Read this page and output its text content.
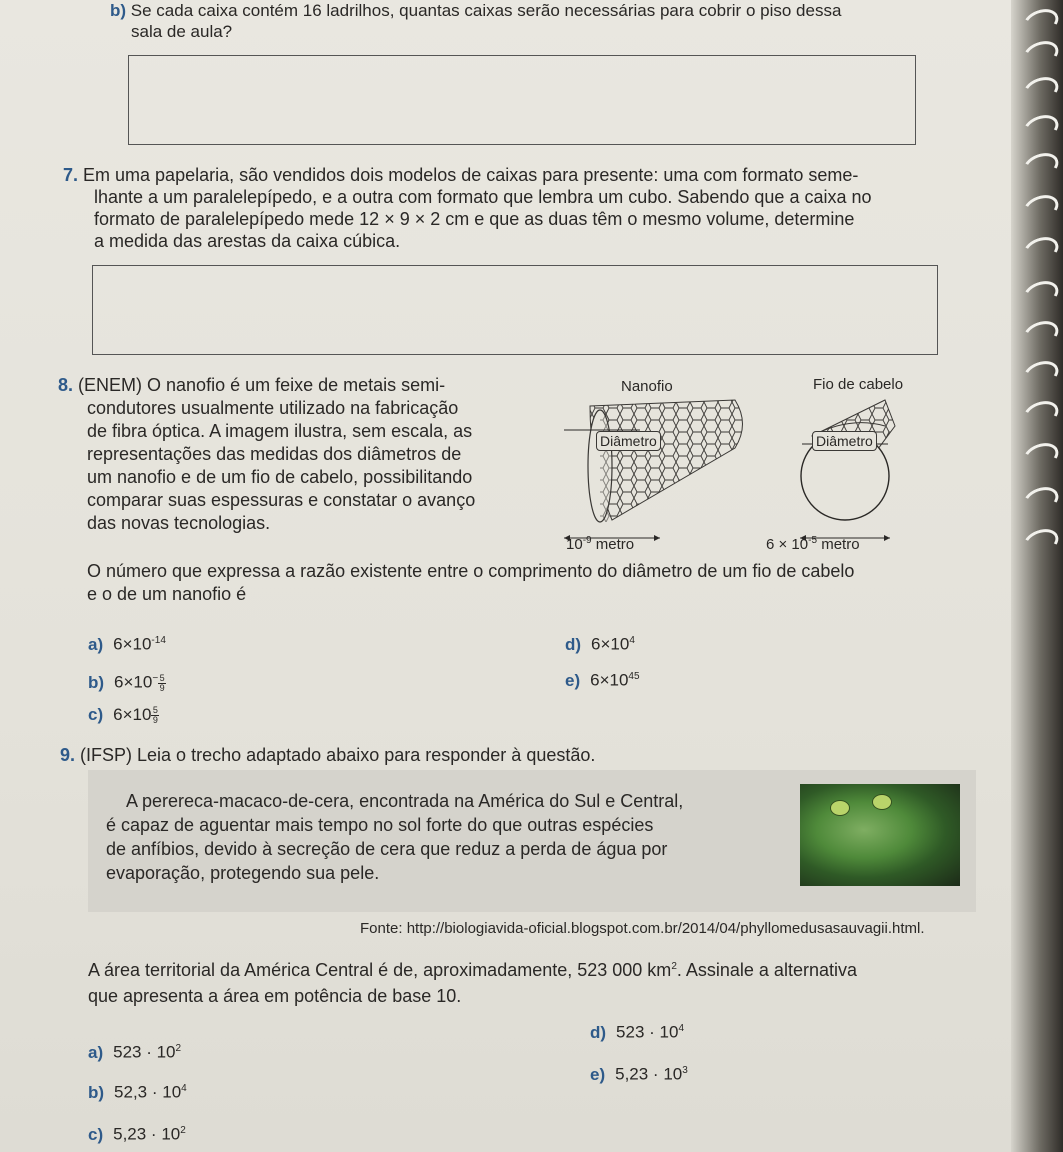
b) Se cada caixa contém 16 ladrilhos, quantas caixas serão necessárias para cobrir o piso dessa
sala de aula?
7. Em uma papelaria, são vendidos dois modelos de caixas para presente: uma com formato seme-
lhante a um paralelepípedo, e a outra com formato que lembra um cubo. Sabendo que a caixa no
formato de paralelepípedo mede 12 × 9 × 2 cm e que as duas têm o mesmo volume, determine
a medida das arestas da caixa cúbica.
8. (ENEM) O nanofio é um feixe de metais semi-
condutores usualmente utilizado na fabricação
de fibra óptica. A imagem ilustra, sem escala, as
representações das medidas dos diâmetros de
um nanofio e de um fio de cabelo, possibilitando
comparar suas espessuras e constatar o avanço
das novas tecnologias.
Nanofio	Fio de cabelo
Diâmetro	Diâmetro
$10^{-9}$ metro	$6 \times 10^{-5}$ metro
O número que expressa a razão existente entre o comprimento do diâmetro de um fio de cabelo
e o de um nanofio é
a) $6\times 10^{-14}$
b) $6\times 10^- \frac{5}{9}$
c) $6\times 10 \frac{5}{9}$
d) $6\times 10^4$
e) $6\times 10^{45}$
9. (IFSP) Leia o trecho adaptado abaixo para responder à questão.
A perereca-macaco-de-cera, encontrada na América do Sul e Central,
é capaz de aguentar mais tempo no sol forte do que outras espécies
de anfíbios, devido à secreção de cera que reduz a perda de água por
evaporação, protegendo sua pele.
Fonte: http://biologiavida-oficial.blogspot.com.br/2014/04/phyllomedusasauvagii.html.
A área territorial da América Central é de, aproximadamente, 523 000 $km^2$. Assinale a alternativa
que apresenta a área em potência de base 10.
a) $523 \cdot 10^2$
b) $52,3 \cdot 10^4$
c) $5,23 \cdot 10^2$
d) $523 \cdot 10^4$
e) $5,23 \cdot 10^3$
